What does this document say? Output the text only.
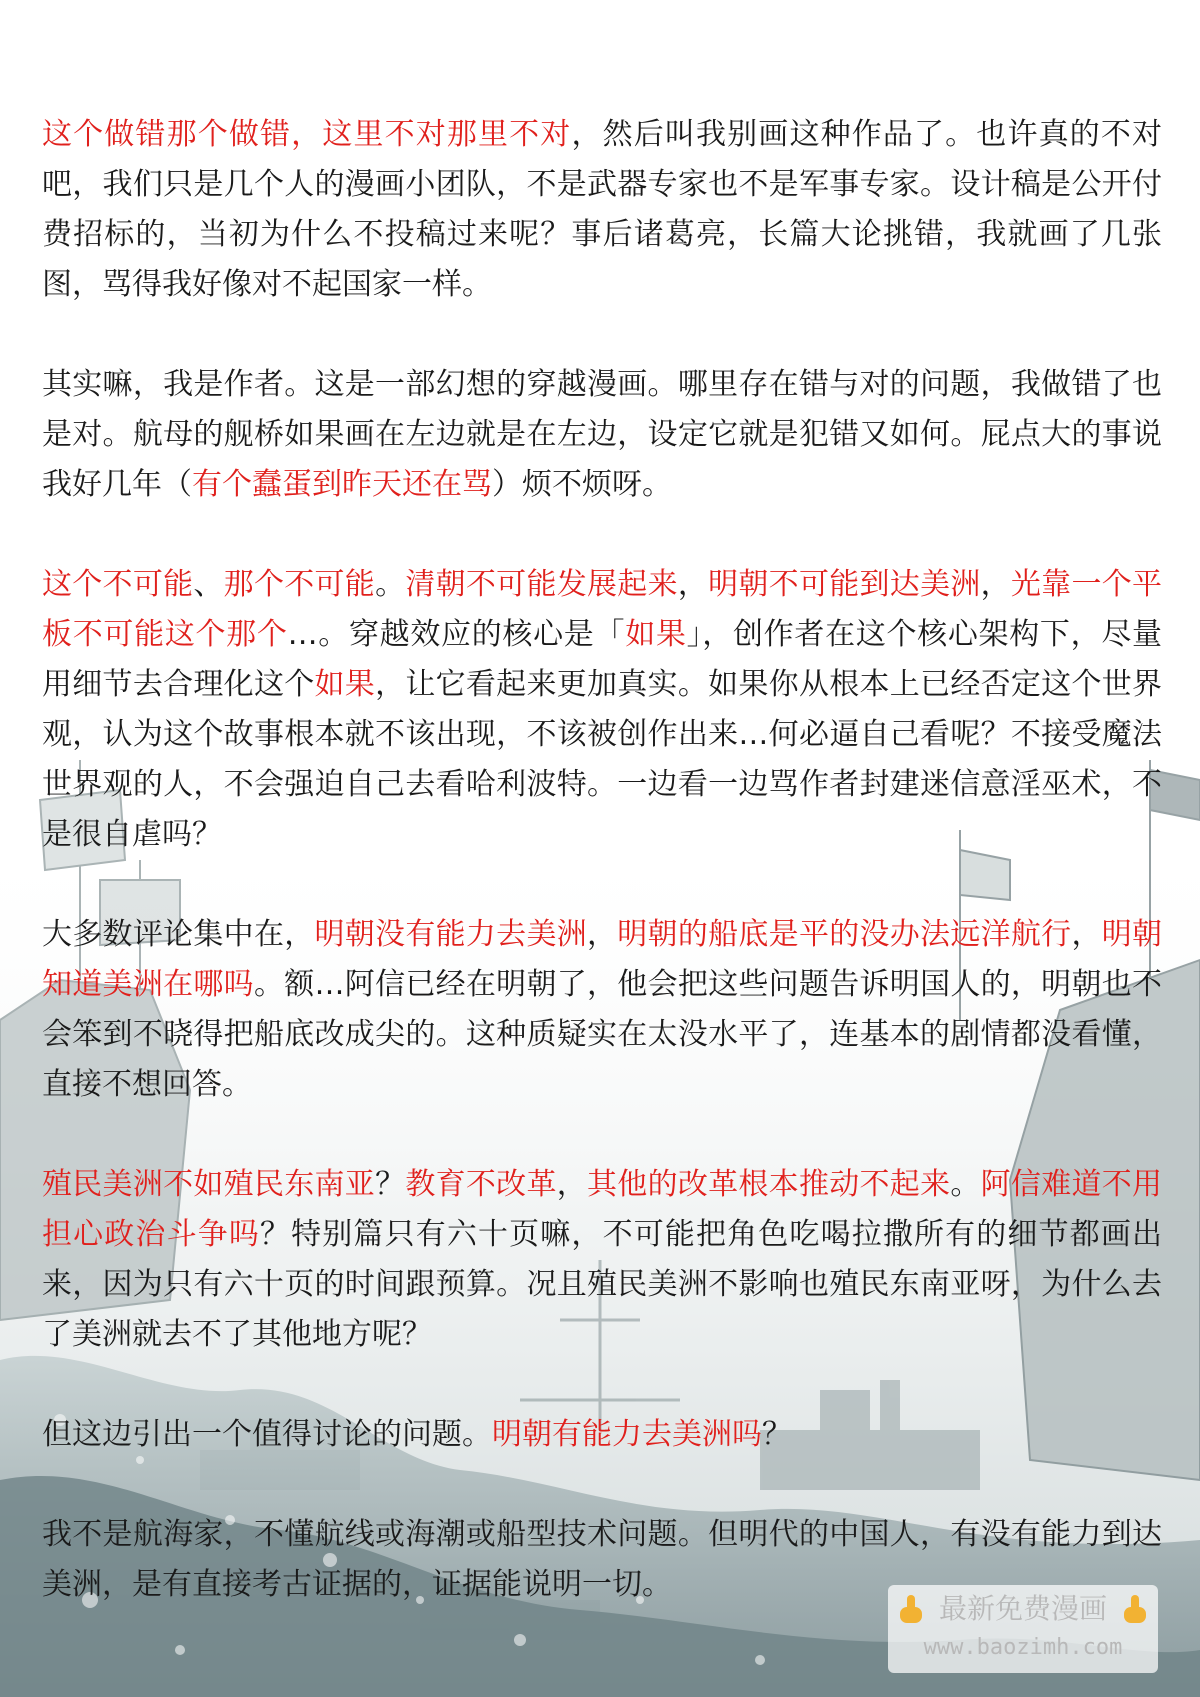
这个做错那个做错，这里不对那里不对，然后叫我别画这种作品了。也许真的不对吧，我们只是几个人的漫画小团队，不是武器专家也不是军事专家。设计稿是公开付费招标的，当初为什么不投稿过来呢？事后诸葛亮，长篇大论挑错，我就画了几张图，骂得我好像对不起国家一样。

其实嘛，我是作者。这是一部幻想的穿越漫画。哪里存在错与对的问题，我做错了也是对。航母的舰桥如果画在左边就是在左边，设定它就是犯错又如何。屁点大的事说我好几年（有个蠢蛋到昨天还在骂）烦不烦呀。

这个不可能、那个不可能。清朝不可能发展起来，明朝不可能到达美洲，光靠一个平板不可能这个那个…。穿越效应的核心是「如果」，创作者在这个核心架构下，尽量用细节去合理化这个如果，让它看起来更加真实。如果你从根本上已经否定这个世界观，认为这个故事根本就不该出现，不该被创作出来…何必逼自己看呢？不接受魔法世界观的人，不会强迫自己去看哈利波特。一边看一边骂作者封建迷信意淫巫术，不是很自虐吗？

大多数评论集中在，明朝没有能力去美洲，明朝的船底是平的没办法远洋航行，明朝知道美洲在哪吗。额…阿信已经在明朝了，他会把这些问题告诉明国人的，明朝也不会笨到不晓得把船底改成尖的。这种质疑实在太没水平了，连基本的剧情都没看懂，直接不想回答。

殖民美洲不如殖民东南亚？教育不改革，其他的改革根本推动不起来。阿信难道不用担心政治斗争吗？特别篇只有六十页嘛，不可能把角色吃喝拉撒所有的细节都画出来，因为只有六十页的时间跟预算。况且殖民美洲不影响也殖民东南亚呀，为什么去了美洲就去不了其他地方呢？

但这边引出一个值得讨论的问题。明朝有能力去美洲吗？

我不是航海家，不懂航线或海潮或船型技术问题。但明代的中国人，有没有能力到达美洲，是有直接考古证据的，证据能说明一切。

最新免费漫画
www.baozimh.com
